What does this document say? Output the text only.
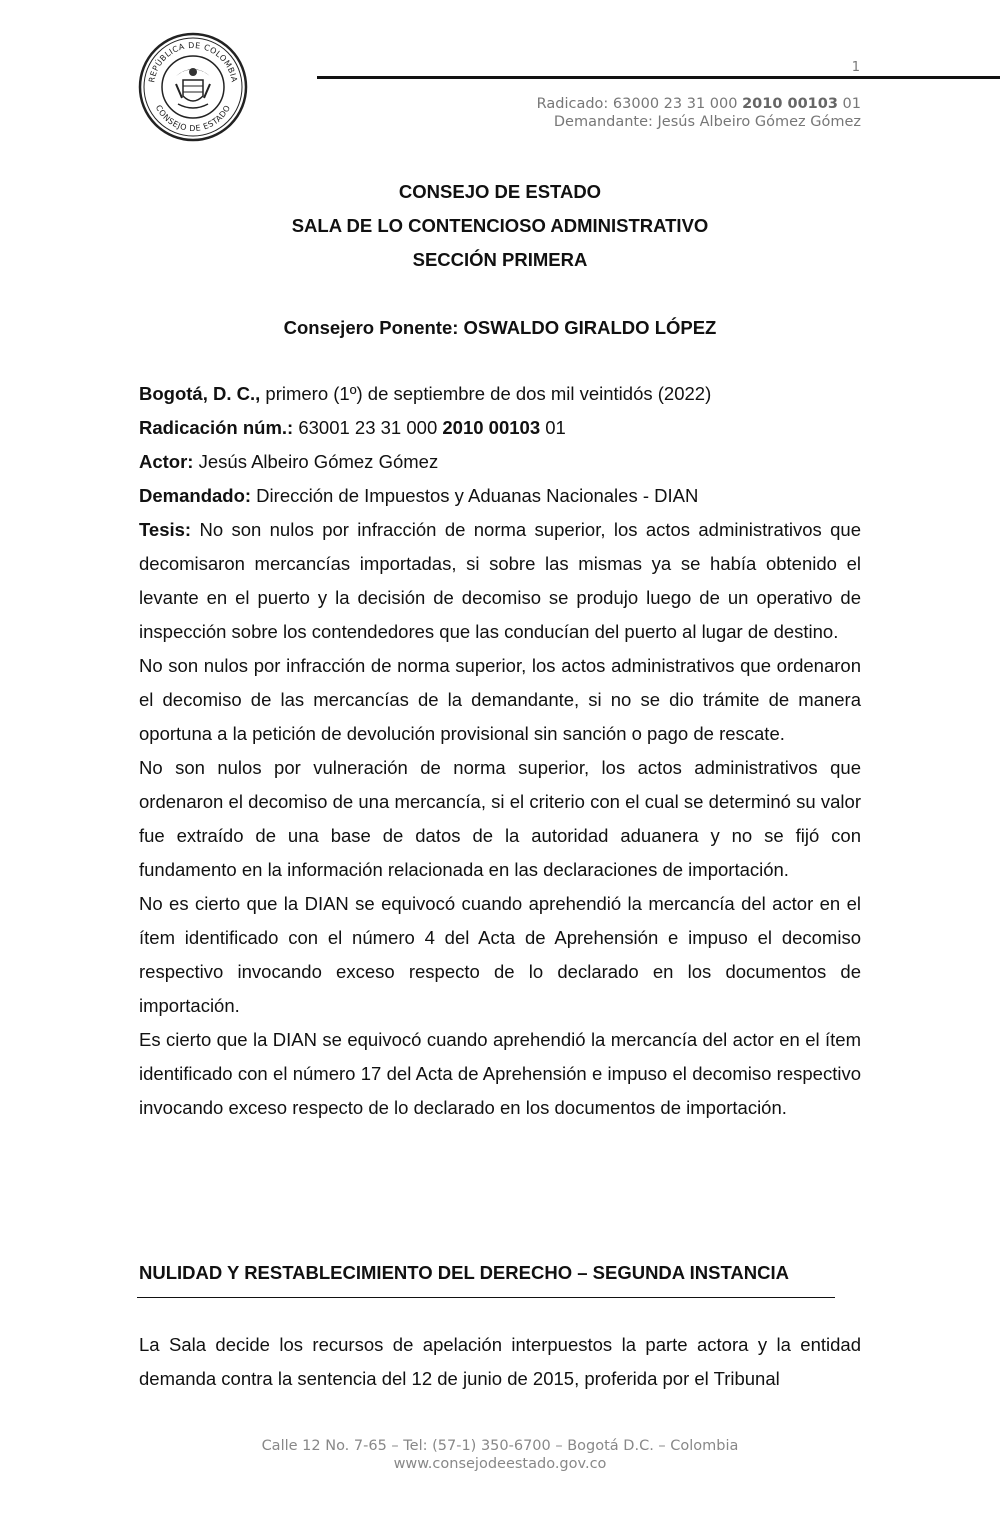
REPÚBLICA DE COLOMBIA
CONSEJO DE ESTADO
1
Radicado: 63000 23 31 000 2010 00103 01
Demandante: Jesús Albeiro Gómez Gómez
CONSEJO DE ESTADO
SALA DE LO CONTENCIOSO ADMINISTRATIVO
SECCIÓN PRIMERA
Consejero Ponente: OSWALDO GIRALDO LÓPEZ

Bogotá, D. C., primero (1º) de septiembre de dos mil veintidós (2022)

Radicación núm.: 63001 23 31 000 2010 00103 01

Actor: Jesús Albeiro Gómez Gómez

Demandado: Dirección de Impuestos y Aduanas Nacionales - DIAN

Tesis: No son nulos por infracción de norma superior, los actos administrativos que decomisaron mercancías importadas, si sobre las mismas ya se había obtenido el levante en el puerto y la decisión de decomiso se produjo luego de un operativo de inspección sobre los contendedores que las conducían del puerto al lugar de destino.

No son nulos por infracción de norma superior, los actos administrativos que ordenaron el decomiso de las mercancías de la demandante, si no se dio trámite de manera oportuna a la petición de devolución provisional sin sanción o pago de rescate.

No son nulos por vulneración de norma superior, los actos administrativos que ordenaron el decomiso de una mercancía, si el criterio con el cual se determinó su valor fue extraído de una base de datos de la autoridad aduanera y no se fijó con fundamento en la información relacionada en las declaraciones de importación.

No es cierto que la DIAN se equivocó cuando aprehendió la mercancía del actor en el ítem identificado con el número 4 del Acta de Aprehensión e impuso el decomiso respectivo invocando exceso respecto de lo declarado en los documentos de importación.

Es cierto que la DIAN se equivocó cuando aprehendió la mercancía del actor en el ítem identificado con el número 17 del Acta de Aprehensión e impuso el decomiso respectivo invocando exceso respecto de lo declarado en los documentos de importación.

NULIDAD Y RESTABLECIMIENTO DEL DERECHO – SEGUNDA INSTANCIA

La Sala decide los recursos de apelación interpuestos la parte actora y la entidad demanda contra la sentencia del 12 de junio de 2015, proferida por el Tribunal

Calle 12 No. 7-65 – Tel: (57-1) 350-6700 – Bogotá D.C. – Colombia
www.consejodeestado.gov.co
